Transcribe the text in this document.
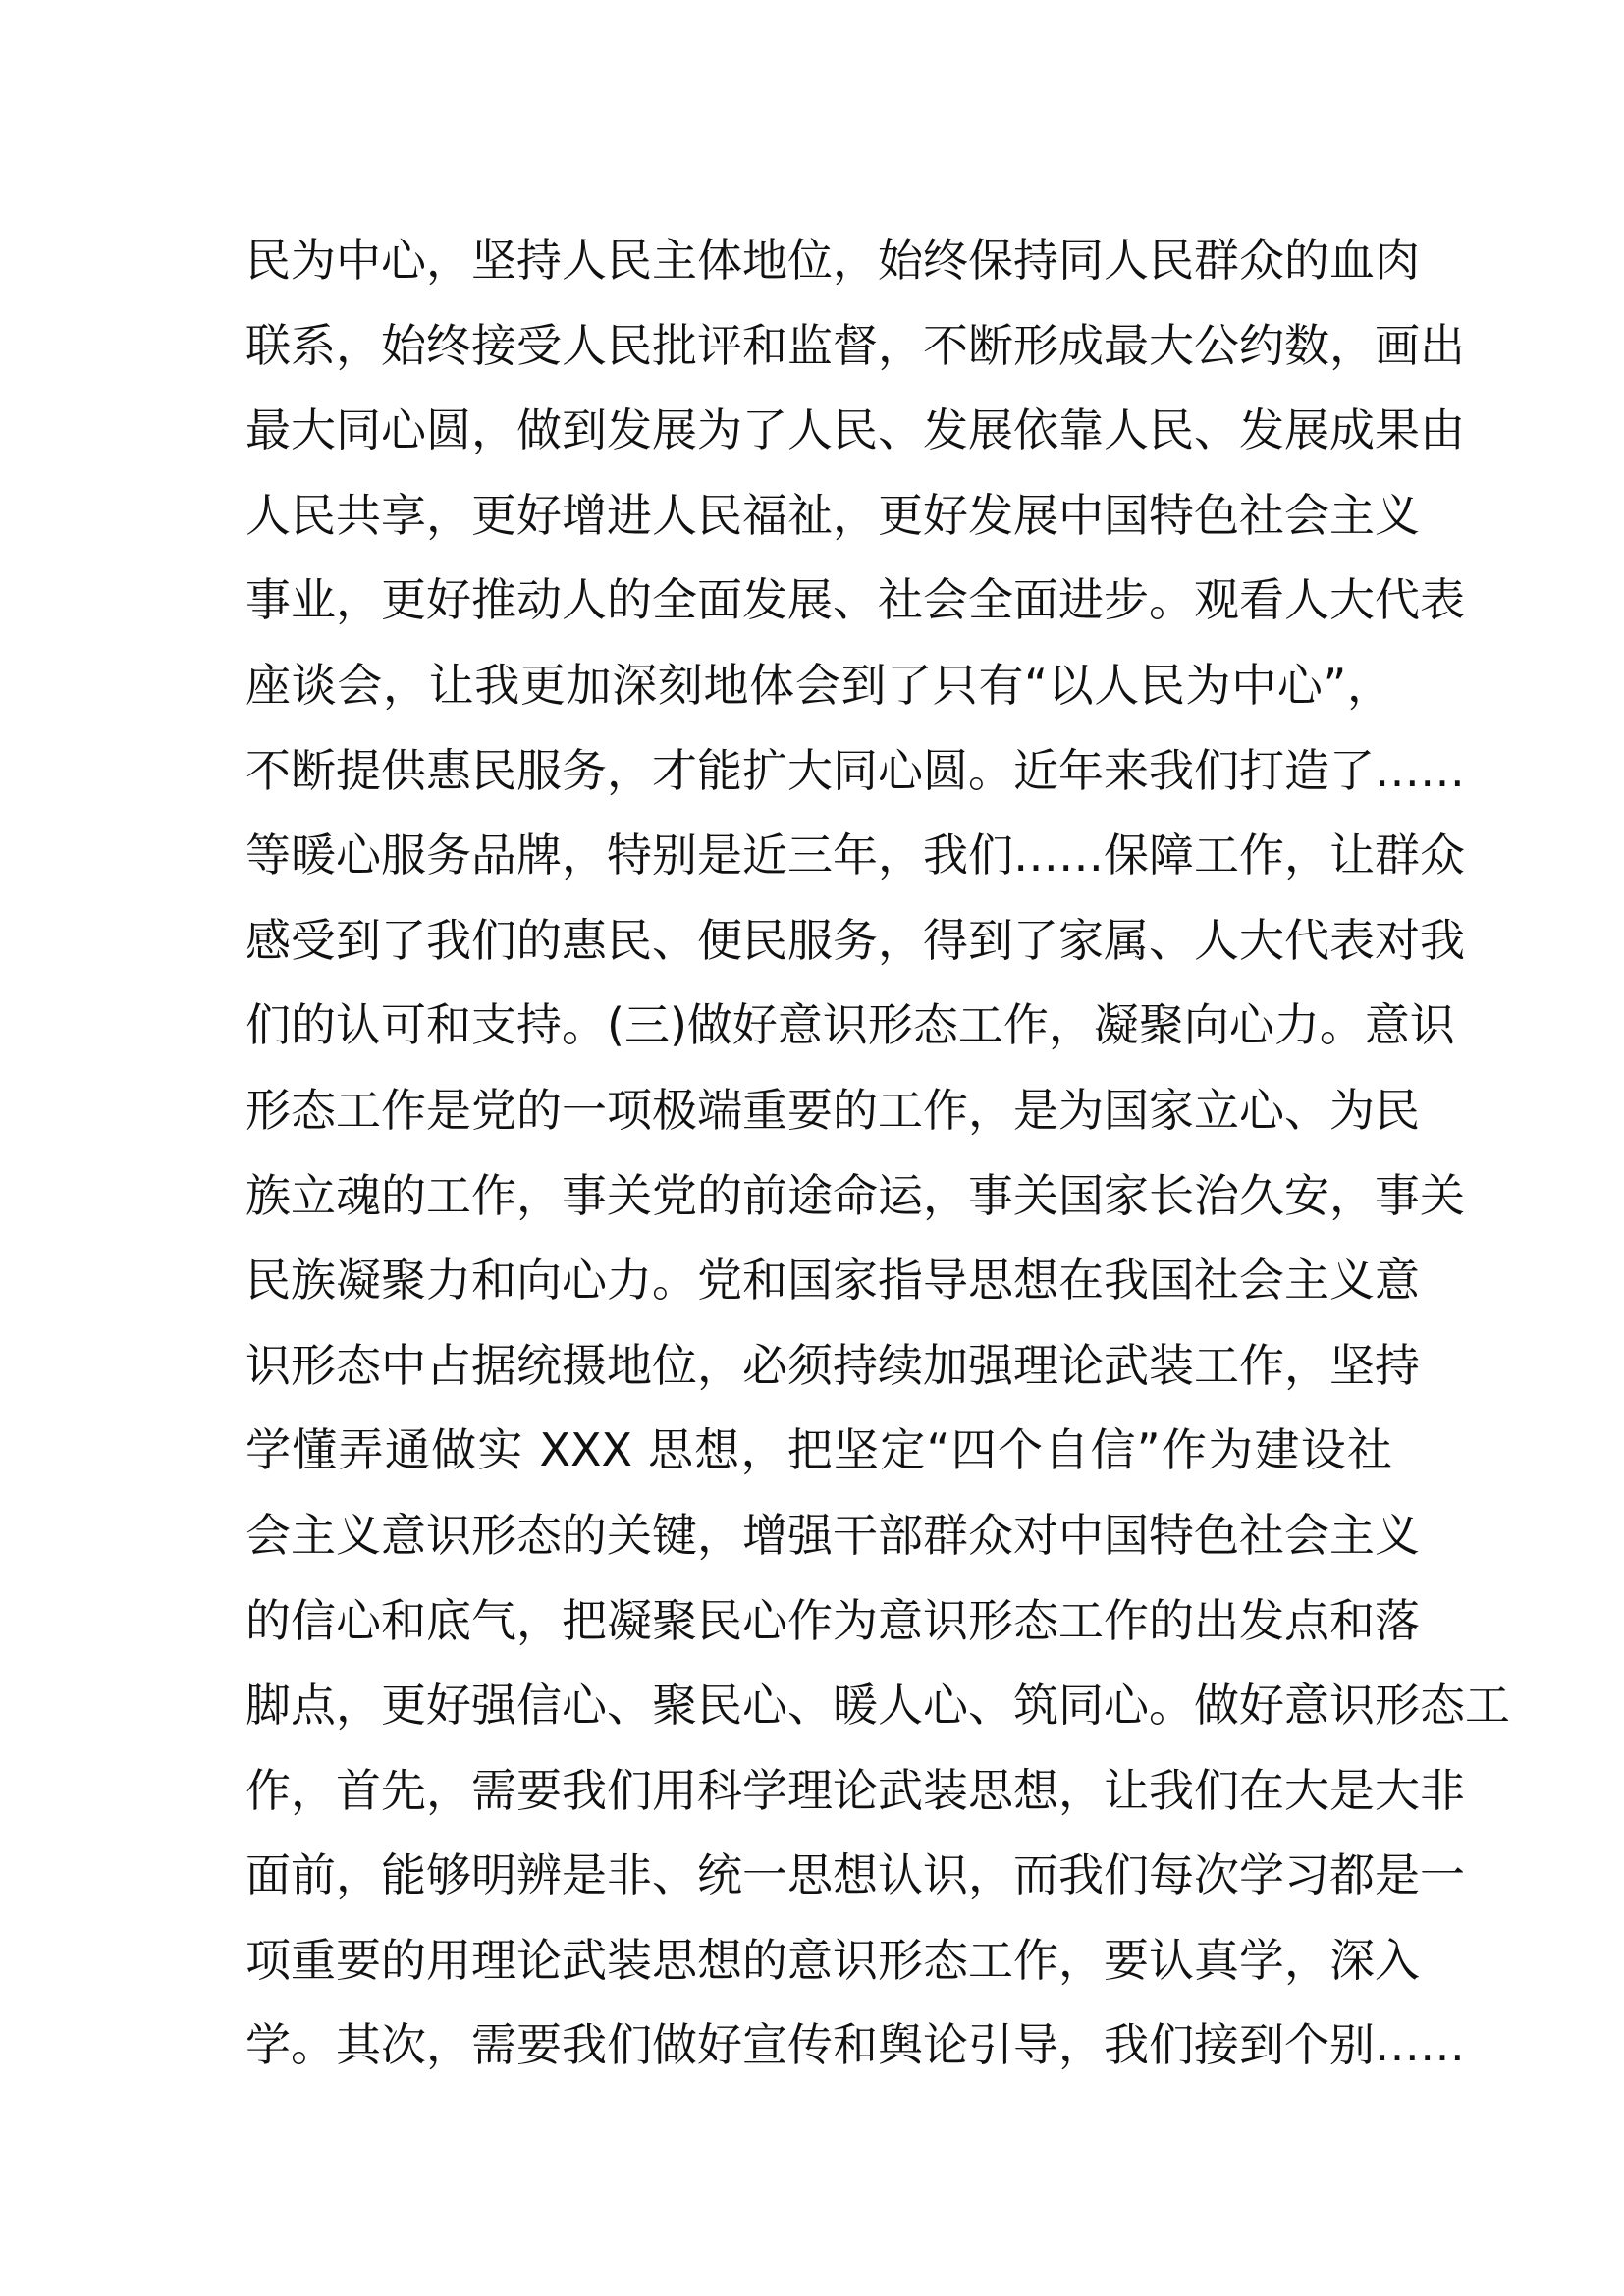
民为中心，坚持人民主体地位，始终保持同人民群众的血肉
联系，始终接受人民批评和监督，不断形成最大公约数，画出
最大同心圆，做到发展为了人民、发展依靠人民、发展成果由
人民共享，更好增进人民福祉，更好发展中国特色社会主义
事业，更好推动人的全面发展、社会全面进步。观看人大代表
座谈会，让我更加深刻地体会到了只有“以人民为中心”，
不断提供惠民服务，才能扩大同心圆。近年来我们打造了……
等暖心服务品牌，特别是近三年，我们……保障工作，让群众
感受到了我们的惠民、便民服务，得到了家属、人大代表对我
们的认可和支持。(三)做好意识形态工作，凝聚向心力。意识
形态工作是党的一项极端重要的工作，是为国家立心、为民
族立魂的工作，事关党的前途命运，事关国家长治久安，事关
民族凝聚力和向心力。党和国家指导思想在我国社会主义意
识形态中占据统摄地位，必须持续加强理论武装工作，坚持
学懂弄通做实 XXX 思想，把坚定“四个自信”作为建设社
会主义意识形态的关键，增强干部群众对中国特色社会主义
的信心和底气，把凝聚民心作为意识形态工作的出发点和落
脚点，更好强信心、聚民心、暖人心、筑同心。做好意识形态工
作，首先，需要我们用科学理论武装思想，让我们在大是大非
面前，能够明辨是非、统一思想认识，而我们每次学习都是一
项重要的用理论武装思想的意识形态工作，要认真学，深入
学。其次，需要我们做好宣传和舆论引导，我们接到个别……
